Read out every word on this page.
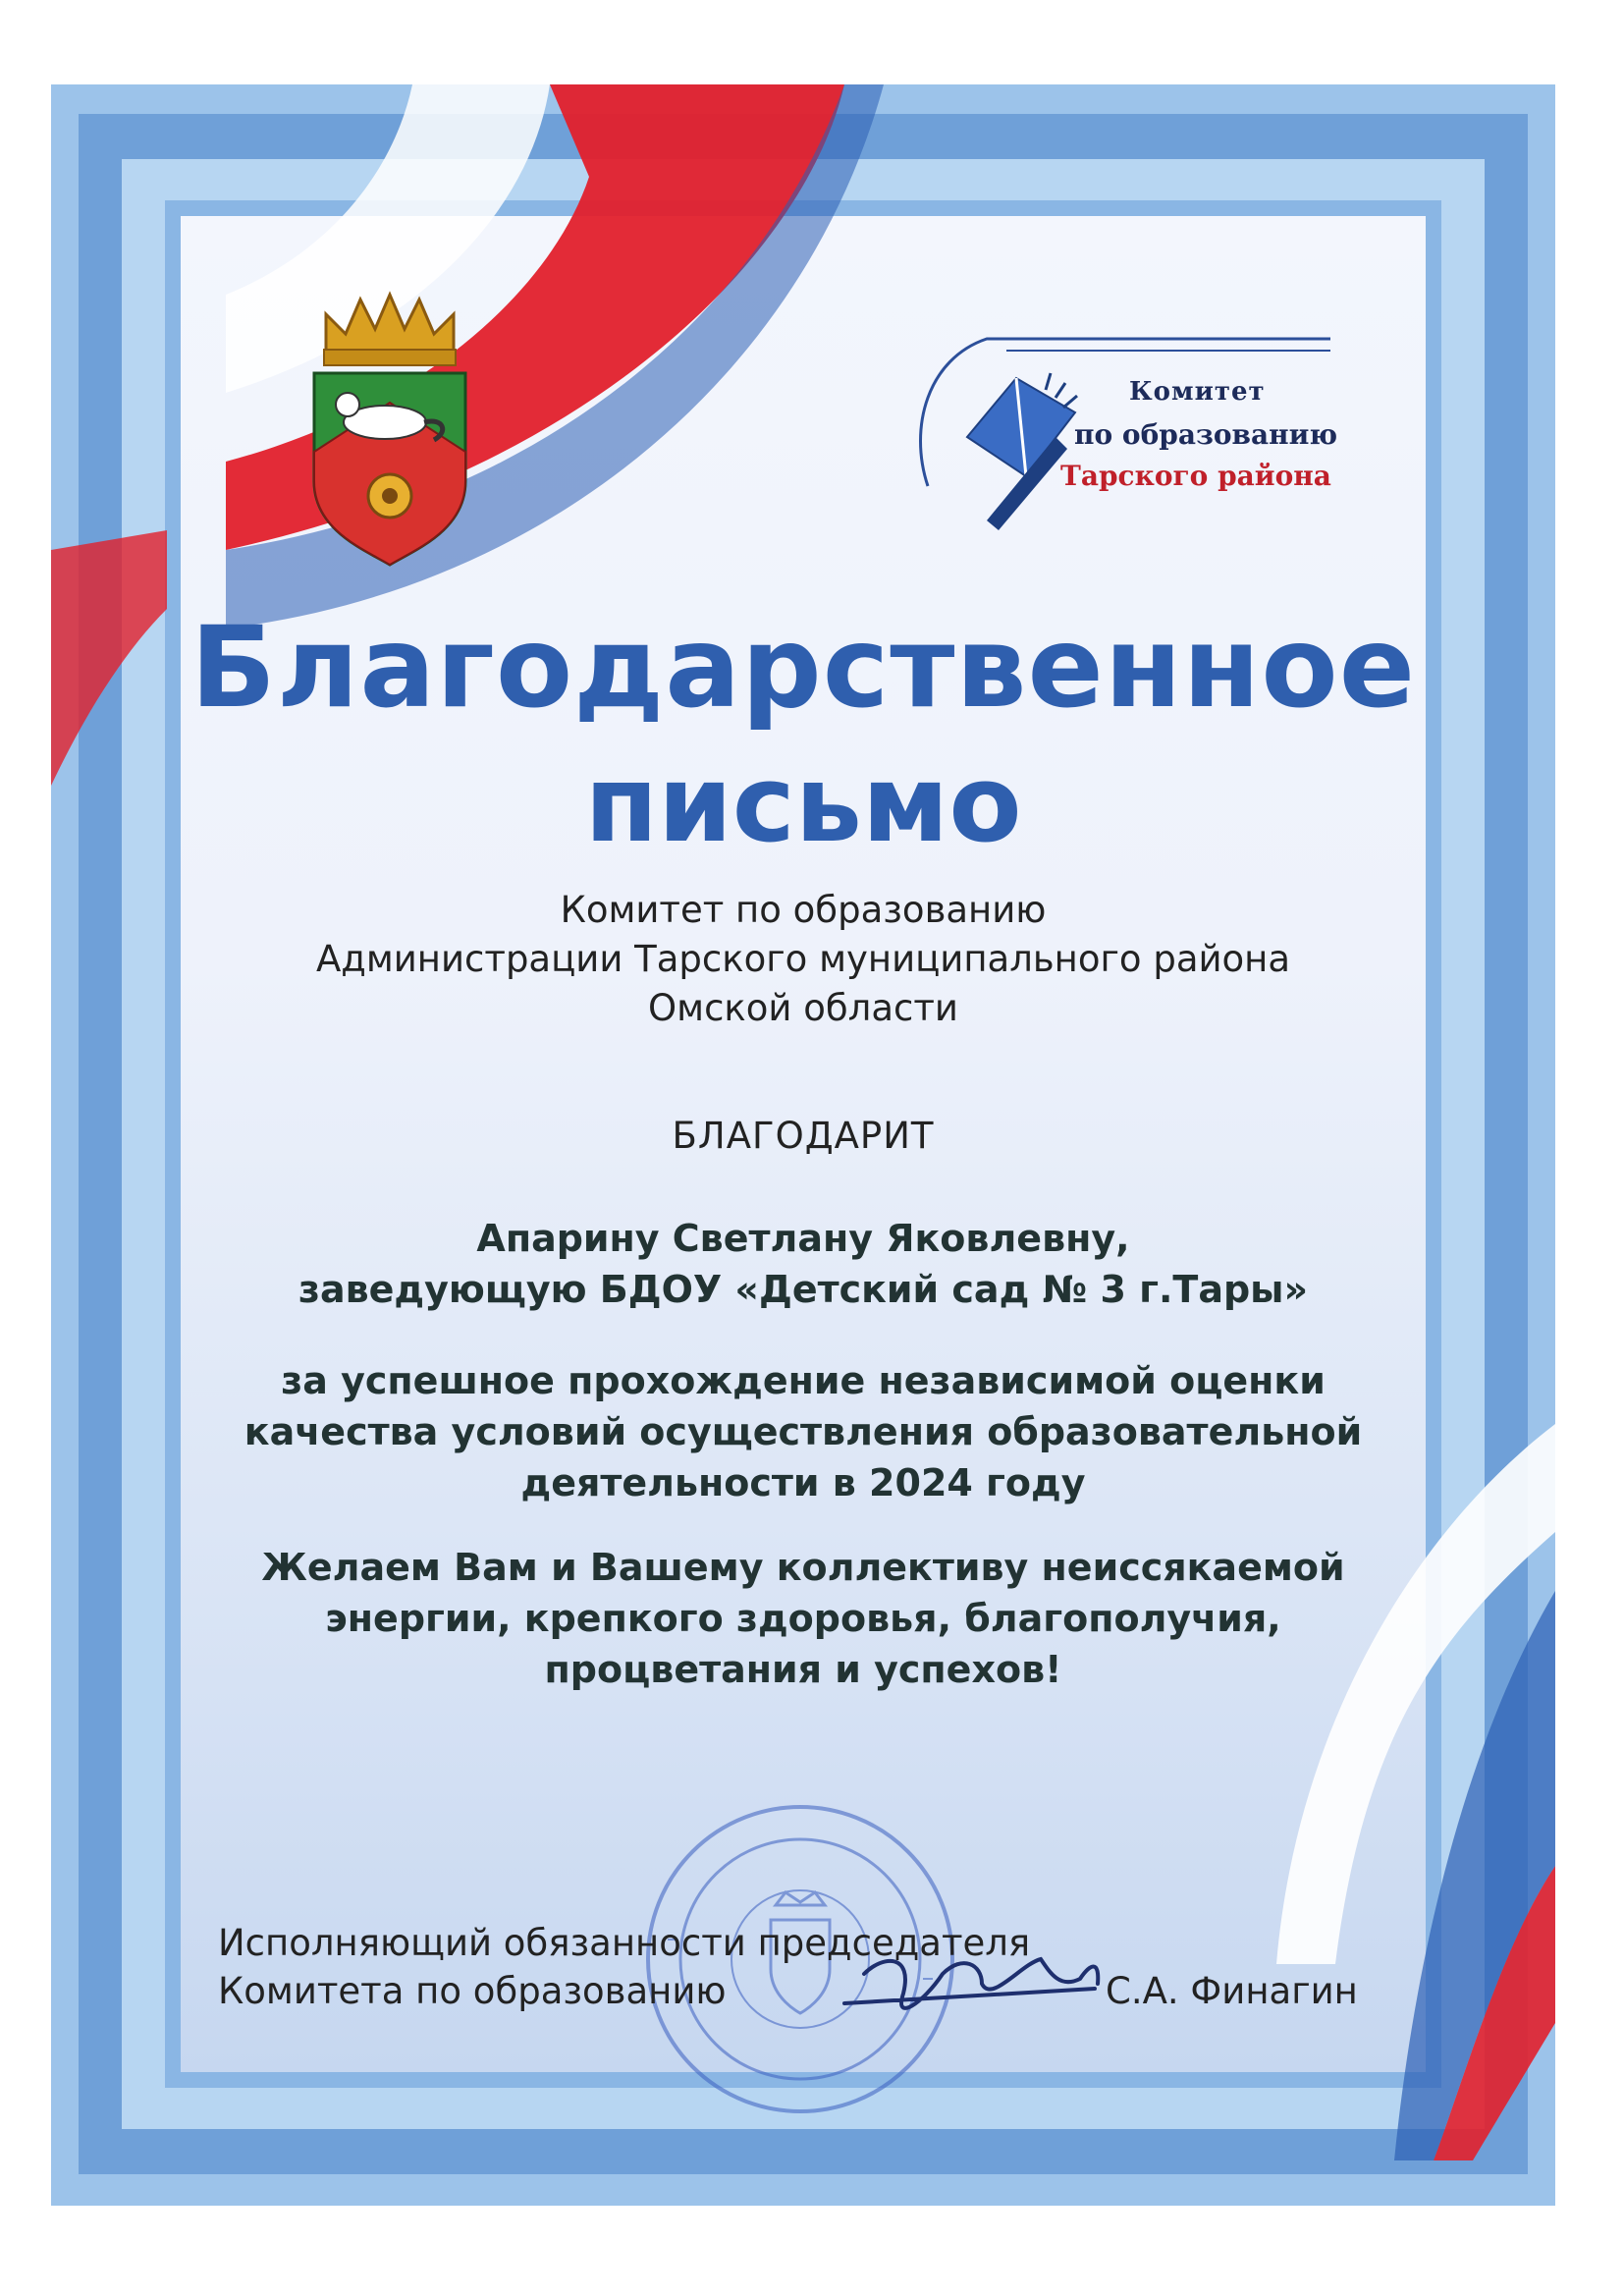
Комитет
по образованию
Тарского района
Благодарственное
письмо
Комитет по образованию
Администрации Тарского муниципального района
Омской области
БЛАГОДАРИТ
Апарину Светлану Яковлевну,
заведующую БДОУ «Детский сад № 3 г.Тары»
за успешное прохождение независимой оценки
качества условий осуществления образовательной
деятельности в 2024 году
Желаем Вам и Вашему коллективу неиссякаемой
энергии, крепкого здоровья, благополучия,
процветания и успехов!
Исполняющий обязанности председателя
Комитета по образованию	С.А. Финагин
